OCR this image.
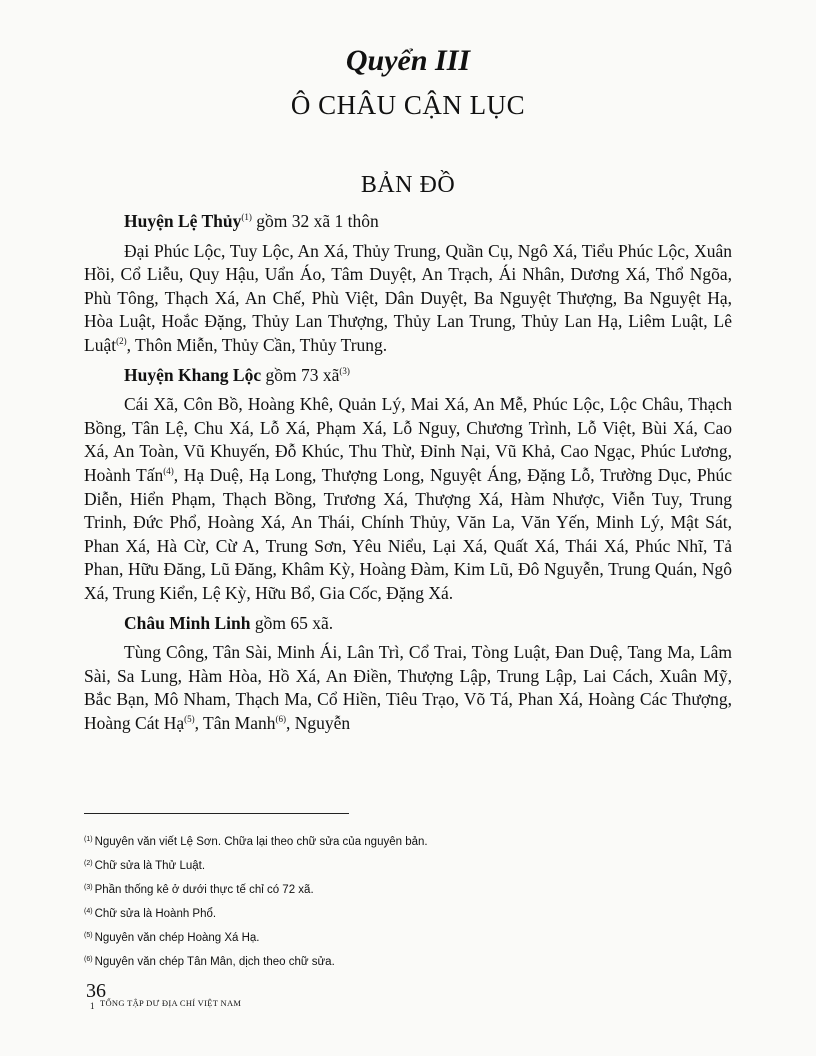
Quyển III
Ô CHÂU CẬN LỤC
BẢN ĐỒ

Huyện Lệ Thủy$^{(1)}$ gồm 32 xã 1 thôn

Đại Phúc Lộc, Tuy Lộc, An Xá, Thủy Trung, Quần Cụ, Ngô Xá, Tiểu Phúc Lộc, Xuân Hồi, Cổ Liễu, Quy Hậu, Uẩn Áo, Tâm Duyệt, An Trạch, Ái Nhân, Dương Xá, Thổ Ngõa, Phù Tông, Thạch Xá, An Chế, Phù Việt, Dân Duyệt, Ba Nguyệt Thượng, Ba Nguyệt Hạ, Hòa Luật, Hoắc Đặng, Thủy Lan Thượng, Thủy Lan Trung, Thủy Lan Hạ, Liêm Luật, Lê Luật$^{(2)}$, Thôn Miễn, Thủy Cần, Thủy Trung.

Huyện Khang Lộc gồm 73 $xã^{(3)}$

Cái Xã, Côn Bồ, Hoàng Khê, Quản Lý, Mai Xá, An Mễ, Phúc Lộc, Lộc Châu, Thạch Bồng, Tân Lệ, Chu Xá, Lỗ Xá, Phạm Xá, Lỗ Nguy, Chương Trình, Lỗ Việt, Bùi Xá, Cao Xá, An Toàn, Vũ Khuyến, Đỗ Khúc, Thu Thừ, Đỉnh Nại, Vũ Khả, Cao Ngạc, Phúc Lương, Hoành Tấn$^{(4)}$, Hạ Duệ, Hạ Long, Thượng Long, Nguyệt Áng, Đặng Lỗ, Trường Dục, Phúc Diễn, Hiển Phạm, Thạch Bồng, Trương Xá, Thượng Xá, Hàm Nhược, Viễn Tuy, Trung Trinh, Đức Phổ, Hoàng Xá, An Thái, Chính Thủy, Văn La, Văn Yến, Minh Lý, Mật Sát, Phan Xá, Hà Cừ, Cừ A, Trung Sơn, Yêu Niểu, Lại Xá, Quất Xá, Thái Xá, Phúc Nhĩ, Tả Phan, Hữu Đăng, Lũ Đăng, Khâm Kỳ, Hoàng Đàm, Kim Lũ, Đô Nguyễn, Trung Quán, Ngô Xá, Trung Kiển, Lệ Kỳ, Hữu Bổ, Gia Cốc, Đặng Xá.

Châu Minh Linh gồm 65 xã.

Tùng Công, Tân Sài, Minh Ái, Lân Trì, Cổ Trai, Tòng Luật, Đan Duệ, Tang Ma, Lâm Sài, Sa Lung, Hàm Hòa, Hồ Xá, An Điền, Thượng Lập, Trung Lập, Lai Cách, Xuân Mỹ, Bắc Bạn, Mô Nham, Thạch Ma, Cổ Hiền, Tiêu Trạo, Võ Tá, Phan Xá, Hoàng Các Thượng, Hoàng Cát Hạ$^{(5)}$, Tân Manh$^{(6)}$, Nguyễn

$^{(1)}$ Nguyên văn viết Lệ Sơn. Chữa lại theo chữ sửa của nguyên bản.
$^{(2)}$ Chữ sửa là Thử Luật.
$^{(3)}$ Phần thống kê ở dưới thực tế chỉ có 72 xã.
$^{(4)}$ Chữ sửa là Hoành Phổ.
$^{(5)}$ Nguyên văn chép Hoàng Xá Hạ.
$^{(6)}$ Nguyên văn chép Tân Mân, dịch theo chữ sửa.
36
1 TỔNG TẬP DƯ ĐỊA CHÍ VIỆT NAM
